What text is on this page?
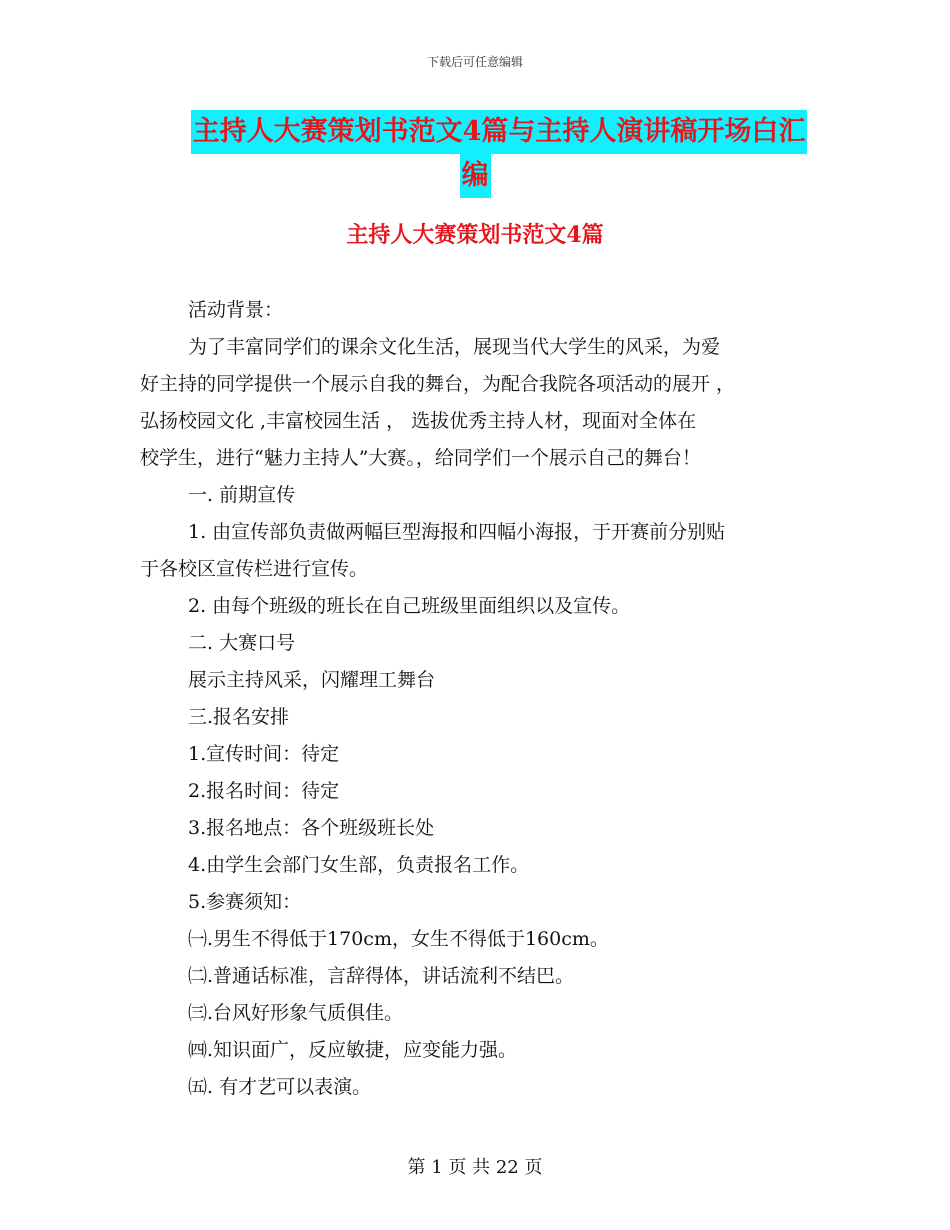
下载后可任意编辑
主持人大赛策划书范文4篇与主持人演讲稿开场白汇
编
主持人大赛策划书范文4篇
活动背景：
为了丰富同学们的课余文化生活，展现当代大学生的风采，为爱
好主持的同学提供一个展示自我的舞台，为配合我院各项活动的展开 ，
弘扬校园文化 ,丰富校园生活 ， 选拔优秀主持人材，现面对全体在
校学生，进行“魅力主持人”大赛。，给同学们一个展示自己的舞台！
一. 前期宣传
1. 由宣传部负责做两幅巨型海报和四幅小海报，于开赛前分别贴
于各校区宣传栏进行宣传。
2. 由每个班级的班长在自己班级里面组织以及宣传。
二. 大赛口号
展示主持风采，闪耀理工舞台
三.报名安排
1.宣传时间：待定
2.报名时间：待定
3.报名地点：各个班级班长处
4.由学生会部门女生部，负责报名工作。
5.参赛须知：
㈠.男生不得低于170cm，女生不得低于160cm。
㈡.普通话标准，言辞得体，讲话流利不结巴。
㈢.台风好形象气质俱佳。
㈣.知识面广，反应敏捷，应变能力强。
㈤. 有才艺可以表演。
第 1 页 共 22 页
